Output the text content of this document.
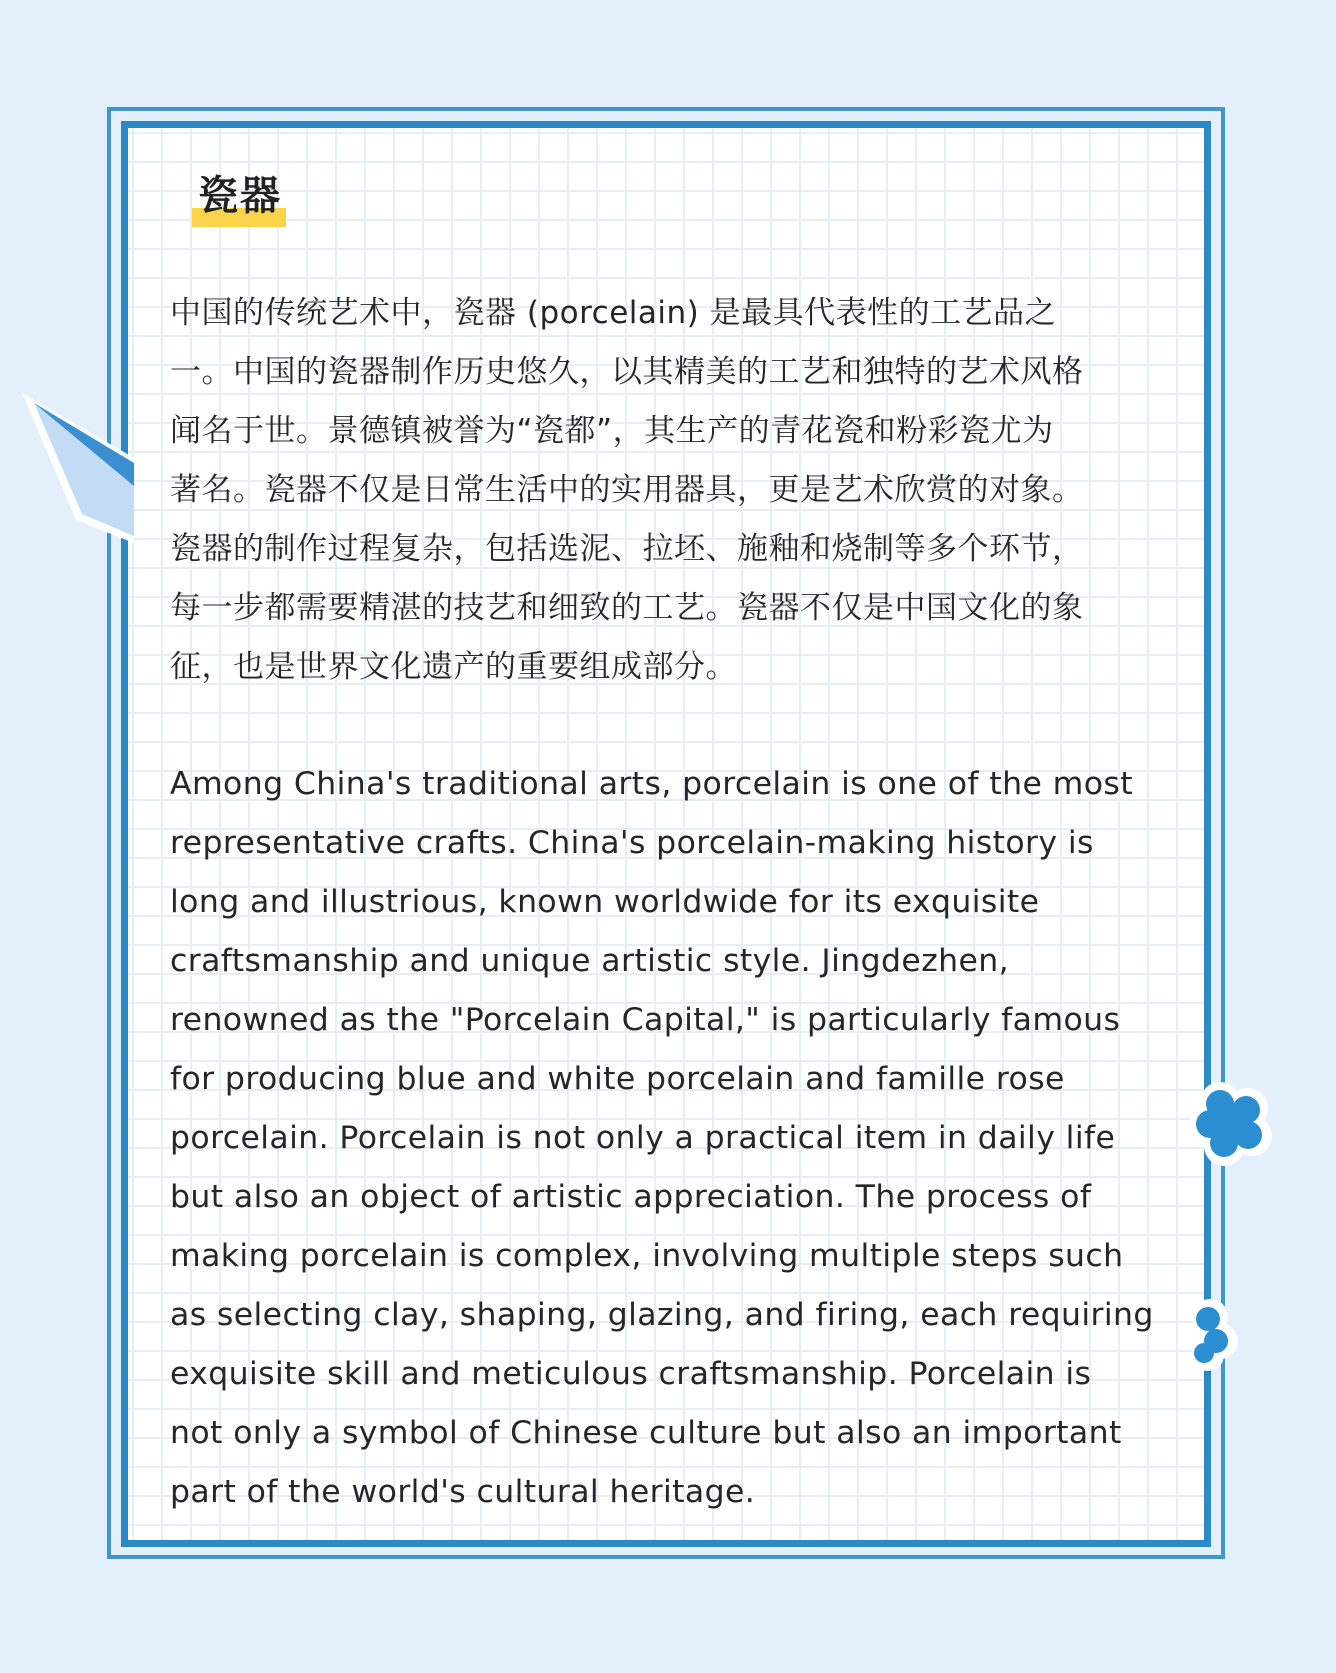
瓷器

中国的传统艺术中，瓷器 (porcelain) 是最具代表性的工艺品之
一。中国的瓷器制作历史悠久，以其精美的工艺和独特的艺术风格
闻名于世。景德镇被誉为“瓷都”，其生产的青花瓷和粉彩瓷尤为
著名。瓷器不仅是日常生活中的实用器具，更是艺术欣赏的对象。
瓷器的制作过程复杂，包括选泥、拉坯、施釉和烧制等多个环节，
每一步都需要精湛的技艺和细致的工艺。瓷器不仅是中国文化的象
征，也是世界文化遗产的重要组成部分。

Among China's traditional arts, porcelain is one of the most
representative crafts. China's porcelain-making history is
long and illustrious, known worldwide for its exquisite
craftsmanship and unique artistic style. Jingdezhen,
renowned as the "Porcelain Capital," is particularly famous
for producing blue and white porcelain and famille rose
porcelain. Porcelain is not only a practical item in daily life
but also an object of artistic appreciation. The process of
making porcelain is complex, involving multiple steps such
as selecting clay, shaping, glazing, and firing, each requiring
exquisite skill and meticulous craftsmanship. Porcelain is
not only a symbol of Chinese culture but also an important
part of the world's cultural heritage.
